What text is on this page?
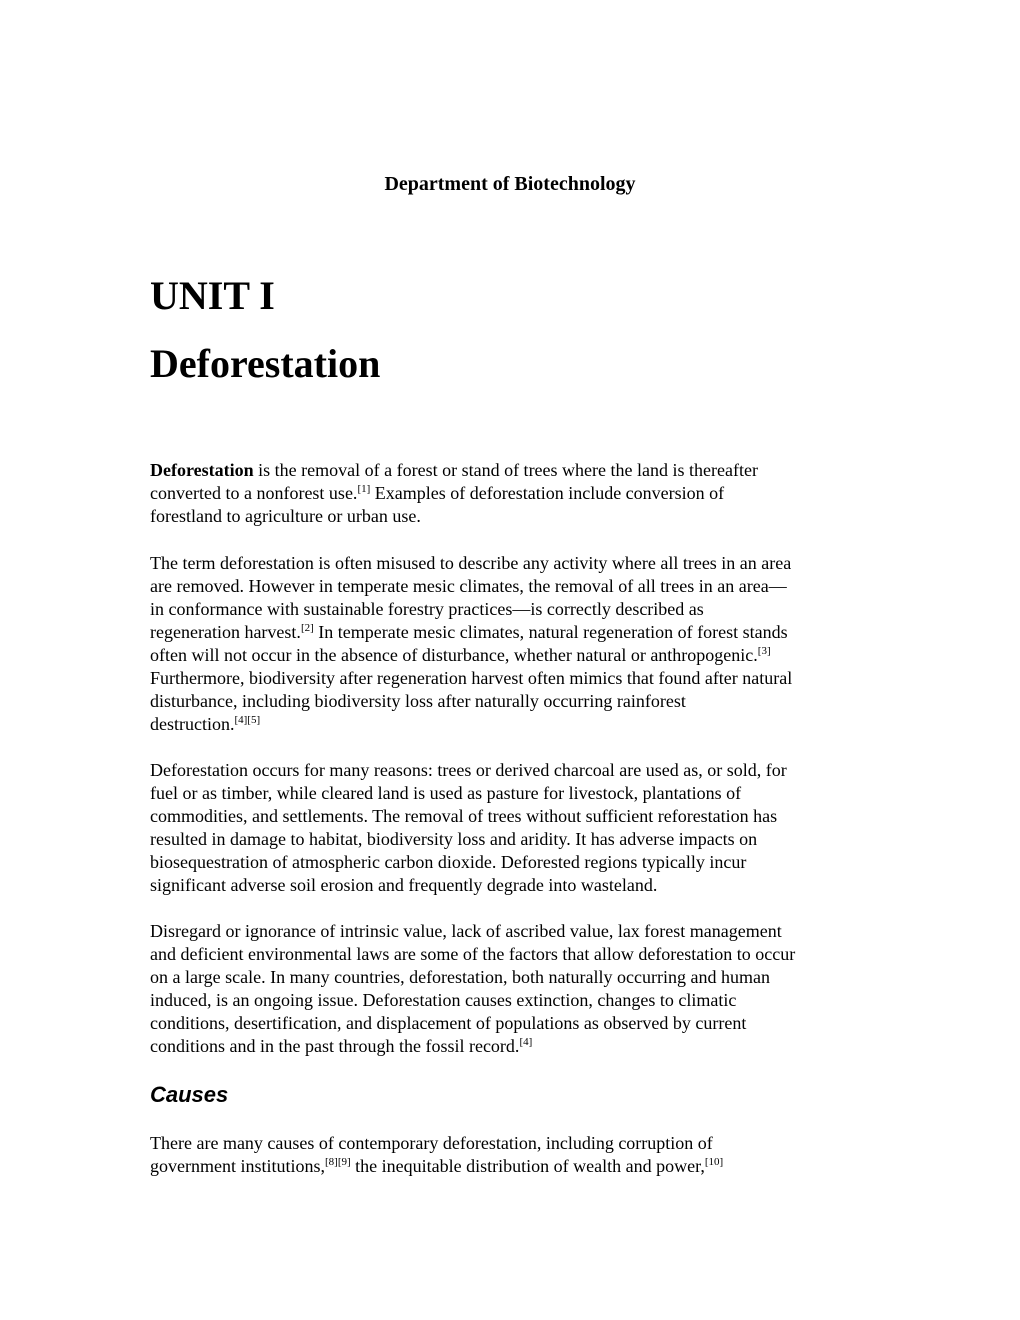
Department of Biotechnology
UNIT I
Deforestation
Deforestation is the removal of a forest or stand of trees where the land is thereafter
converted to a nonforest use.[1] Examples of deforestation include conversion of
forestland to agriculture or urban use.
The term deforestation is often misused to describe any activity where all trees in an area
are removed. However in temperate mesic climates, the removal of all trees in an area—
in conformance with sustainable forestry practices—is correctly described as
regeneration harvest.[2] In temperate mesic climates, natural regeneration of forest stands
often will not occur in the absence of disturbance, whether natural or anthropogenic.[3]
Furthermore, biodiversity after regeneration harvest often mimics that found after natural
disturbance, including biodiversity loss after naturally occurring rainforest
destruction.[4][5]
Deforestation occurs for many reasons: trees or derived charcoal are used as, or sold, for
fuel or as timber, while cleared land is used as pasture for livestock, plantations of
commodities, and settlements. The removal of trees without sufficient reforestation has
resulted in damage to habitat, biodiversity loss and aridity. It has adverse impacts on
biosequestration of atmospheric carbon dioxide. Deforested regions typically incur
significant adverse soil erosion and frequently degrade into wasteland.
Disregard or ignorance of intrinsic value, lack of ascribed value, lax forest management
and deficient environmental laws are some of the factors that allow deforestation to occur
on a large scale. In many countries, deforestation, both naturally occurring and human
induced, is an ongoing issue. Deforestation causes extinction, changes to climatic
conditions, desertification, and displacement of populations as observed by current
conditions and in the past through the fossil record.[4]
Causes
There are many causes of contemporary deforestation, including corruption of
government institutions,[8][9] the inequitable distribution of wealth and power,[10]
